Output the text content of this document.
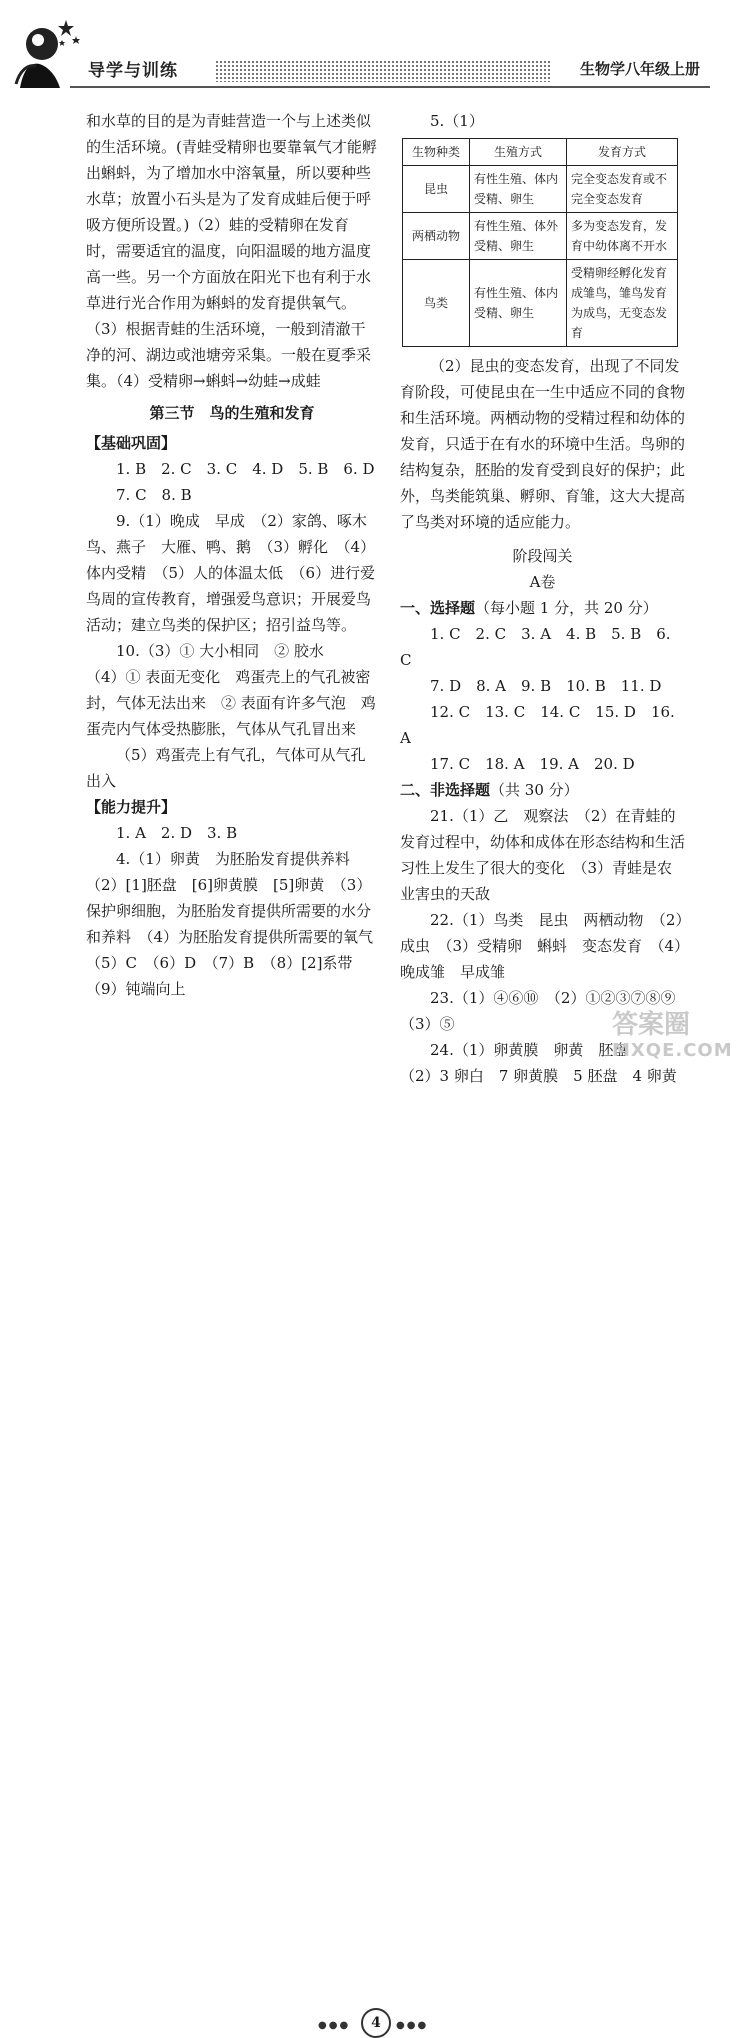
导学与训练	生物学八年级上册

和水草的目的是为青蛙营造一个与上述类似的生活环境。(青蛙受精卵也要靠氧气才能孵出蝌蚪，为了增加水中溶氧量，所以要种些水草；放置小石头是为了发育成蛙后便于呼吸方便所设置。)（2）蛙的受精卵在发育时，需要适宜的温度，向阳温暖的地方温度高一些。另一个方面放在阳光下也有利于水草进行光合作用为蝌蚪的发育提供氧气。（3）根据青蛙的生活环境，一般到清澈干净的河、湖边或池塘旁采集。一般在夏季采集。（4）受精卵→蝌蚪→幼蛙→成蛙

第三节　鸟的生殖和发育

【基础巩固】

1. B　2. C　3. C　4. D　5. B　6. D

7. C　8. B

9.（1）晚成　早成　（2）家鸽、啄木鸟、燕子　大雁、鸭、鹅　（3）孵化　（4）体内受精　（5）人的体温太低　（6）进行爱鸟周的宣传教育，增强爱鸟意识；开展爱鸟活动；建立鸟类的保护区；招引益鸟等。

10.（3）① 大小相同　② 胶水

（4）① 表面无变化　鸡蛋壳上的气孔被密封，气体无法出来　② 表面有许多气泡　鸡蛋壳内气体受热膨胀，气体从气孔冒出来

（5）鸡蛋壳上有气孔，气体可从气孔出入

【能力提升】

1. A　2. D　3. B

4.（1）卵黄　为胚胎发育提供养料

（2）[1]胚盘　[6]卵黄膜　[5]卵黄　（3）保护卵细胞，为胚胎发育提供所需要的水分和养料　（4）为胚胎发育提供所需要的氧气　（5）C　（6）D　（7）B　（8）[2]系带　（9）钝端向上

5.（1）

生物种类	生殖方式	发育方式
昆虫	有性生殖、体内受精、卵生	完全变态发育或不完全变态发育
两栖动物	有性生殖、体外受精、卵生	多为变态发育，发育中幼体离不开水
鸟类	有性生殖、体内受精、卵生	受精卵经孵化发育成雏鸟，雏鸟发育为成鸟，无变态发育

（2）昆虫的变态发育，出现了不同发育阶段，可使昆虫在一生中适应不同的食物和生活环境。两栖动物的受精过程和幼体的发育，只适于在有水的环境中生活。鸟卵的结构复杂，胚胎的发育受到良好的保护；此外，鸟类能筑巢、孵卵、育雏，这大大提高了鸟类对环境的适应能力。

阶段闯关

A卷

一、选择题（每小题 1 分，共 20 分）

1. C　2. C　3. A　4. B　5. B　6. C

7. D　8. A　9. B　10. B　11. D

12. C　13. C　14. C　15. D　16. A

17. C　18. A　19. A　20. D

二、非选择题（共 30 分）

21.（1）乙　观察法　（2）在青蛙的发育过程中，幼体和成体在形态结构和生活习性上发生了很大的变化　（3）青蛙是农业害虫的天敌

22.（1）鸟类　昆虫　两栖动物　（2）成虫　（3）受精卵　蝌蚪　变态发育　（4）晚成雏　早成雏

23.（1）④⑥⑩　（2）①②③⑦⑧⑨　（3）⑤

24.（1）卵黄膜　卵黄　胚盘

（2）3 卵白　7 卵黄膜　5 胚盘　4 卵黄

●●●	4	●●●
答案圈
MXQE.COM
